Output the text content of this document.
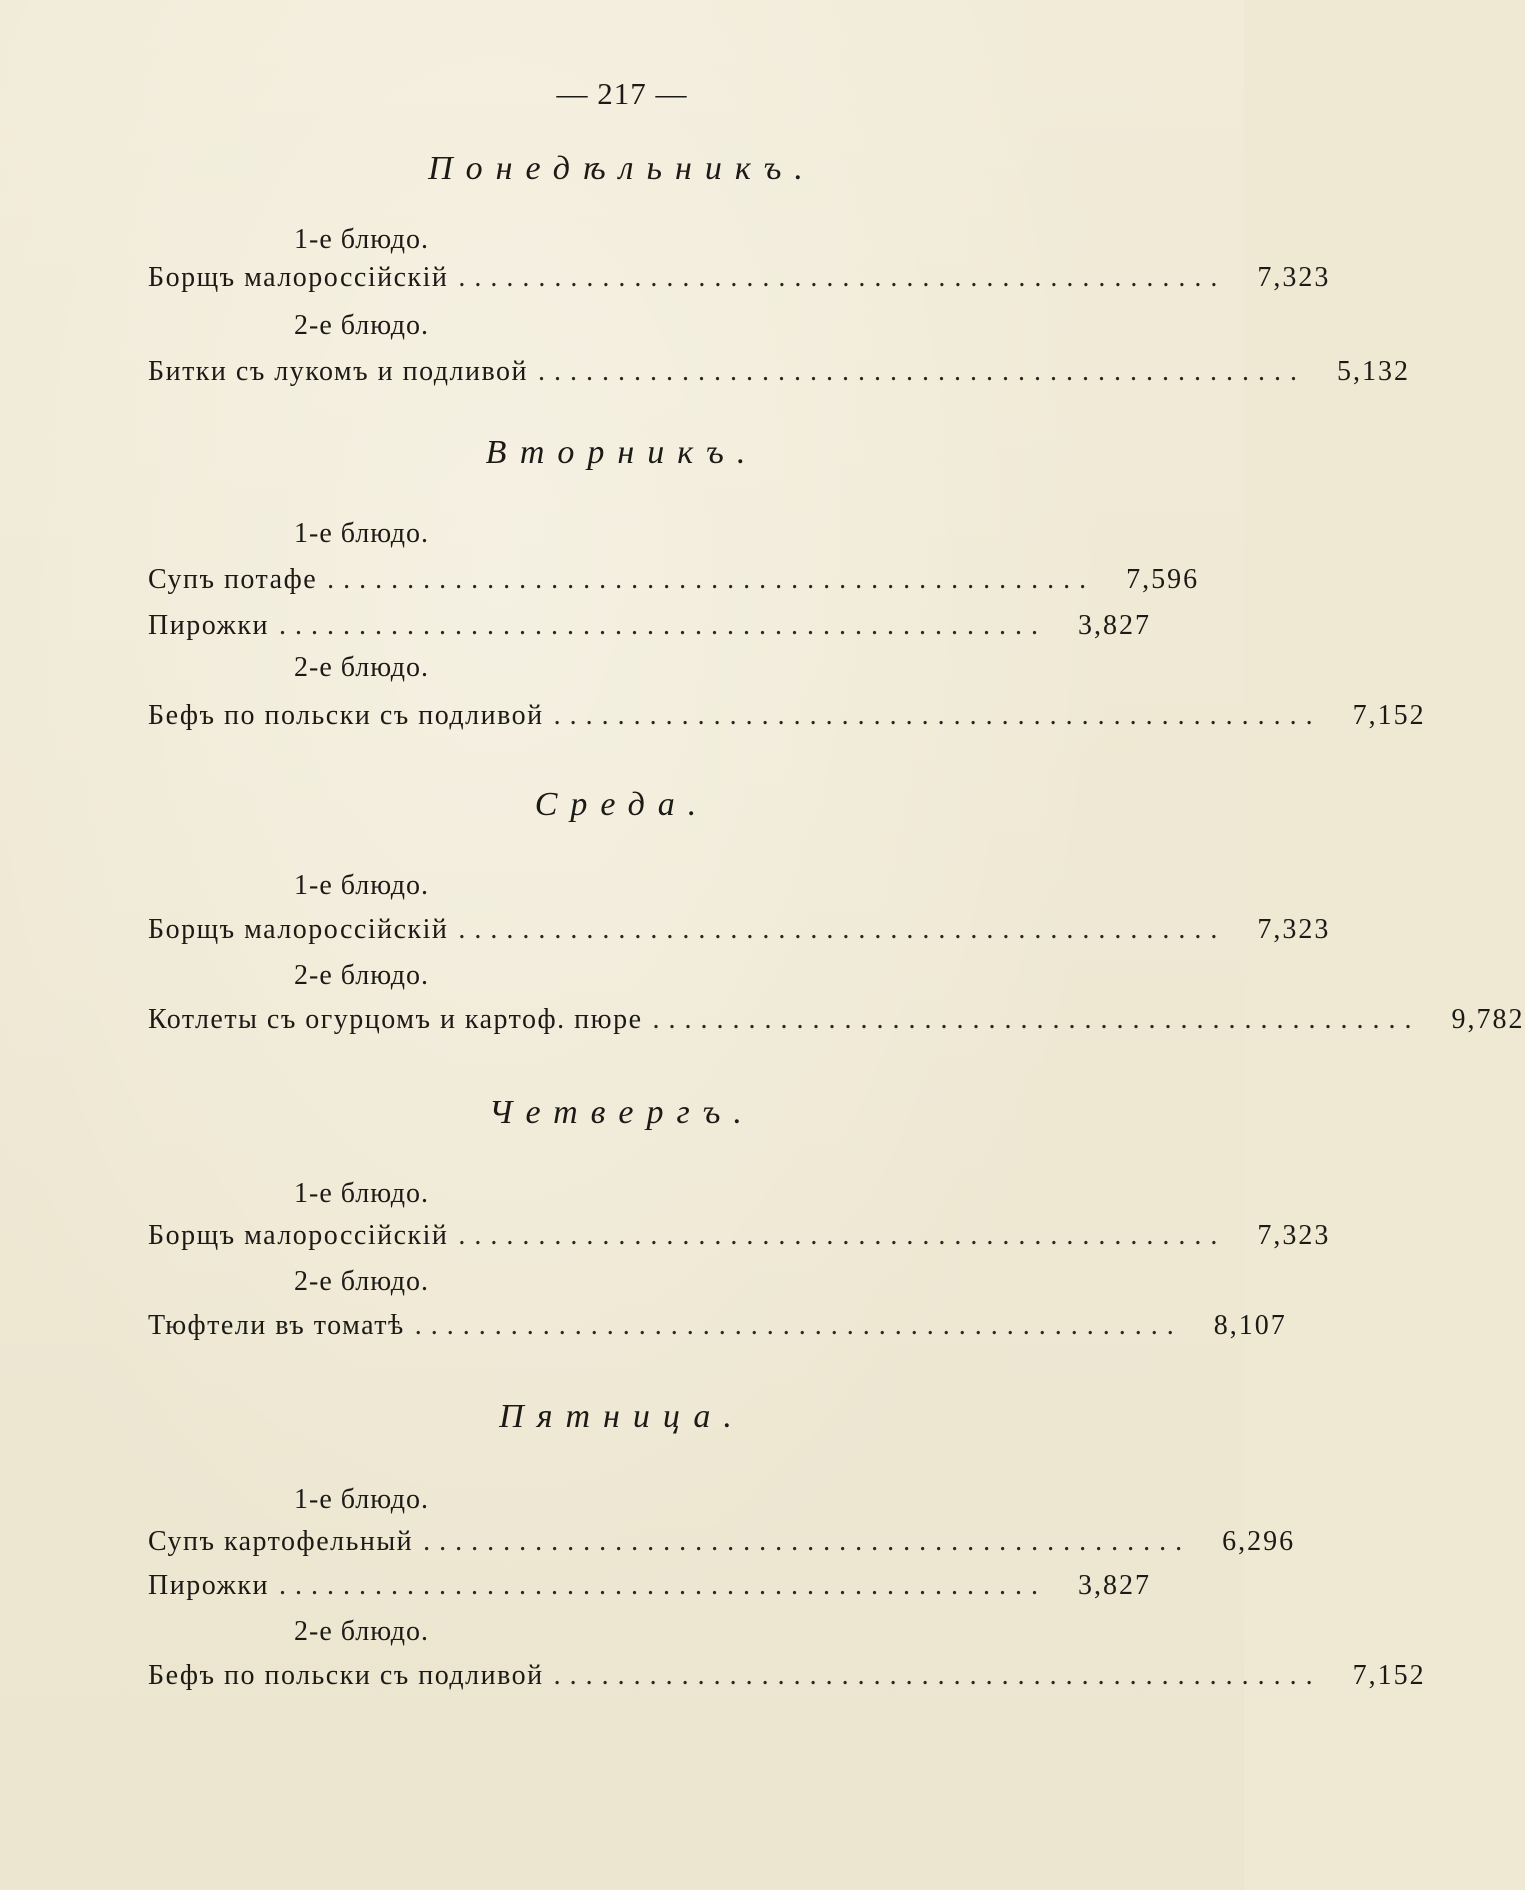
— 217 —
Понедѣльникъ.
1-е блюдо.
Борщъ малороссійскій ................................................	7,323
2-е блюдо.
Битки съ лукомъ и подливой ................................................	5,132
Вторникъ.
1-е блюдо.
Супъ потафе ................................................	7,596
Пирожки ................................................	3,827
2-е блюдо.
Бефъ по польски съ подливой ................................................	7,152
Среда.
1-е блюдо.
Борщъ малороссійскій ................................................	7,323
2-е блюдо.
Котлеты съ огурцомъ и картоф. пюре ................................................	9,782
Четвергъ.
1-е блюдо.
Борщъ малороссійскій ................................................	7,323
2-е блюдо.
Тюфтели въ томатѣ ................................................	8,107
Пятница.
1-е блюдо.
Супъ картофельный ................................................	6,296
Пирожки ................................................	3,827
2-е блюдо.
Бефъ по польски съ подливой ................................................	7,152
